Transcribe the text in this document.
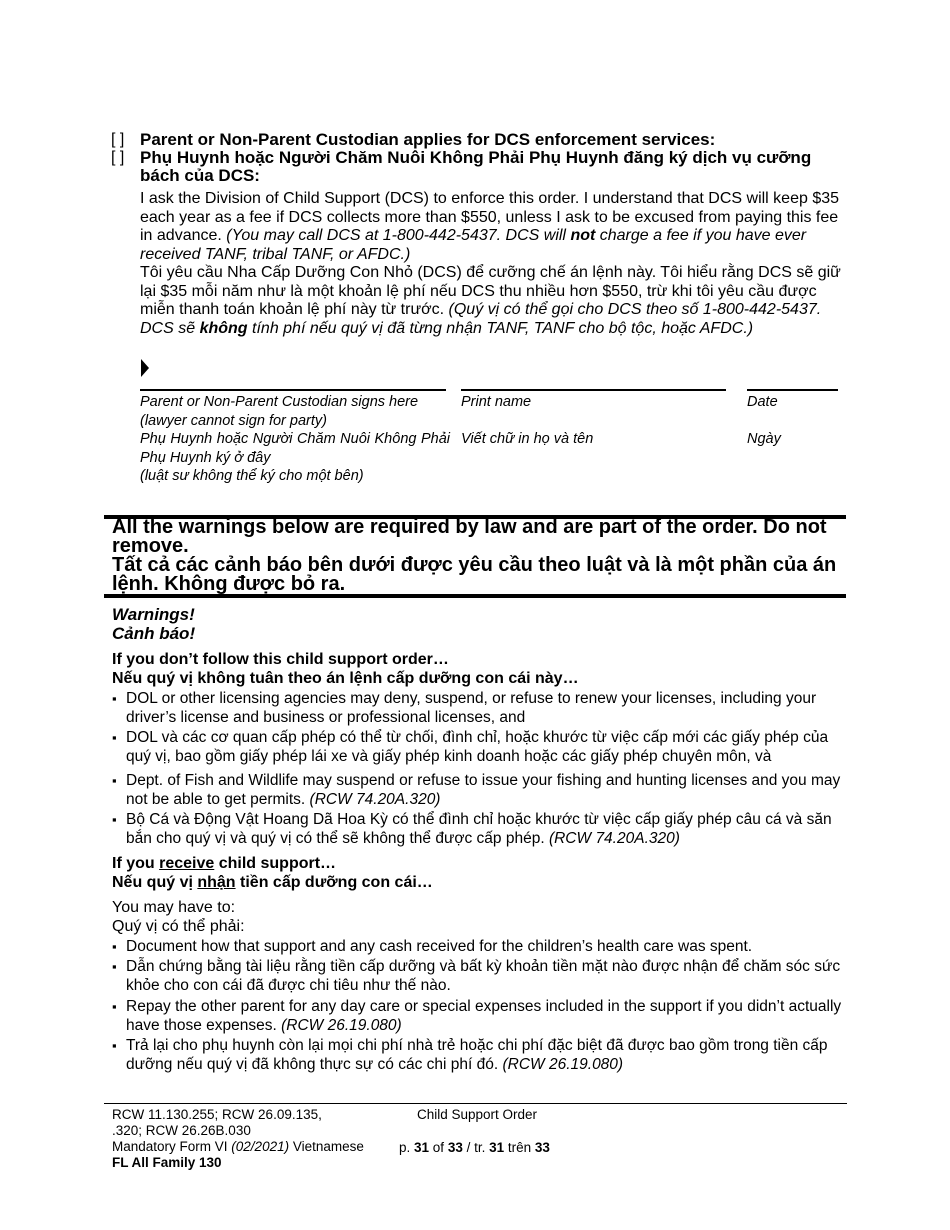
[ ] Parent or Non-Parent Custodian applies for DCS enforcement services:
[ ] Phụ Huynh hoặc Người Chăm Nuôi Không Phải Phụ Huynh đăng ký dịch vụ cưỡng bách của DCS:
I ask the Division of Child Support (DCS) to enforce this order. I understand that DCS will keep $35 each year as a fee if DCS collects more than $550, unless I ask to be excused from paying this fee in advance. (You may call DCS at 1-800-442-5437. DCS will not charge a fee if you have ever received TANF, tribal TANF, or AFDC.)
Tôi yêu cầu Nha Cấp Dưỡng Con Nhỏ (DCS) để cưỡng chế án lệnh này. Tôi hiểu rằng DCS sẽ giữ lại $35 mỗi năm như là một khoản lệ phí nếu DCS thu nhiều hơn $550, trừ khi tôi yêu cầu được miễn thanh toán khoản lệ phí này từ trước. (Quý vị có thể gọi cho DCS theo số 1-800-442-5437. DCS sẽ không tính phí nếu quý vị đã từng nhận TANF, TANF cho bộ tộc, hoặc AFDC.)
Parent or Non-Parent Custodian signs here
(lawyer cannot sign for party)
Phụ Huynh hoặc Người Chăm Nuôi Không Phải Phụ Huynh ký ở đây
(luật sư không thể ký cho một bên)
Print name
Viết chữ in họ và tên
Date
Ngày
All the warnings below are required by law and are part of the order. Do not remove.
Tất cả các cảnh báo bên dưới được yêu cầu theo luật và là một phần của án lệnh. Không được bỏ ra.
Warnings!
Cảnh báo!
If you don’t follow this child support order…
Nếu quý vị không tuân theo án lệnh cấp dưỡng con cái này…
▪ DOL or other licensing agencies may deny, suspend, or refuse to renew your licenses, including your driver’s license and business or professional licenses, and
▪ DOL và các cơ quan cấp phép có thể từ chối, đình chỉ, hoặc khước từ việc cấp mới các giấy phép của quý vị, bao gồm giấy phép lái xe và giấy phép kinh doanh hoặc các giấy phép chuyên môn, và
▪ Dept. of Fish and Wildlife may suspend or refuse to issue your fishing and hunting licenses and you may not be able to get permits. (RCW 74.20A.320)
▪ Bộ Cá và Động Vật Hoang Dã Hoa Kỳ có thể đình chỉ hoặc khước từ việc cấp giấy phép câu cá và săn bắn cho quý vị và quý vị có thể sẽ không thể được cấp phép. (RCW 74.20A.320)
If you receive child support…
Nếu quý vị nhận tiền cấp dưỡng con cái…
You may have to:
Quý vị có thể phải:
▪ Document how that support and any cash received for the children’s health care was spent.
▪ Dẫn chứng bằng tài liệu rằng tiền cấp dưỡng và bất kỳ khoản tiền mặt nào được nhận để chăm sóc sức khỏe cho con cái đã được chi tiêu như thế nào.
▪ Repay the other parent for any day care or special expenses included in the support if you didn’t actually have those expenses. (RCW 26.19.080)
▪ Trả lại cho phụ huynh còn lại mọi chi phí nhà trẻ hoặc chi phí đặc biệt đã được bao gồm trong tiền cấp dưỡng nếu quý vị đã không thực sự có các chi phí đó. (RCW 26.19.080)
RCW 11.130.255; RCW 26.09.135,
.320; RCW 26.26B.030
Mandatory Form VI (02/2021) Vietnamese
FL All Family 130
Child Support Order
p. 31 of 33 / tr. 31 trên 33
